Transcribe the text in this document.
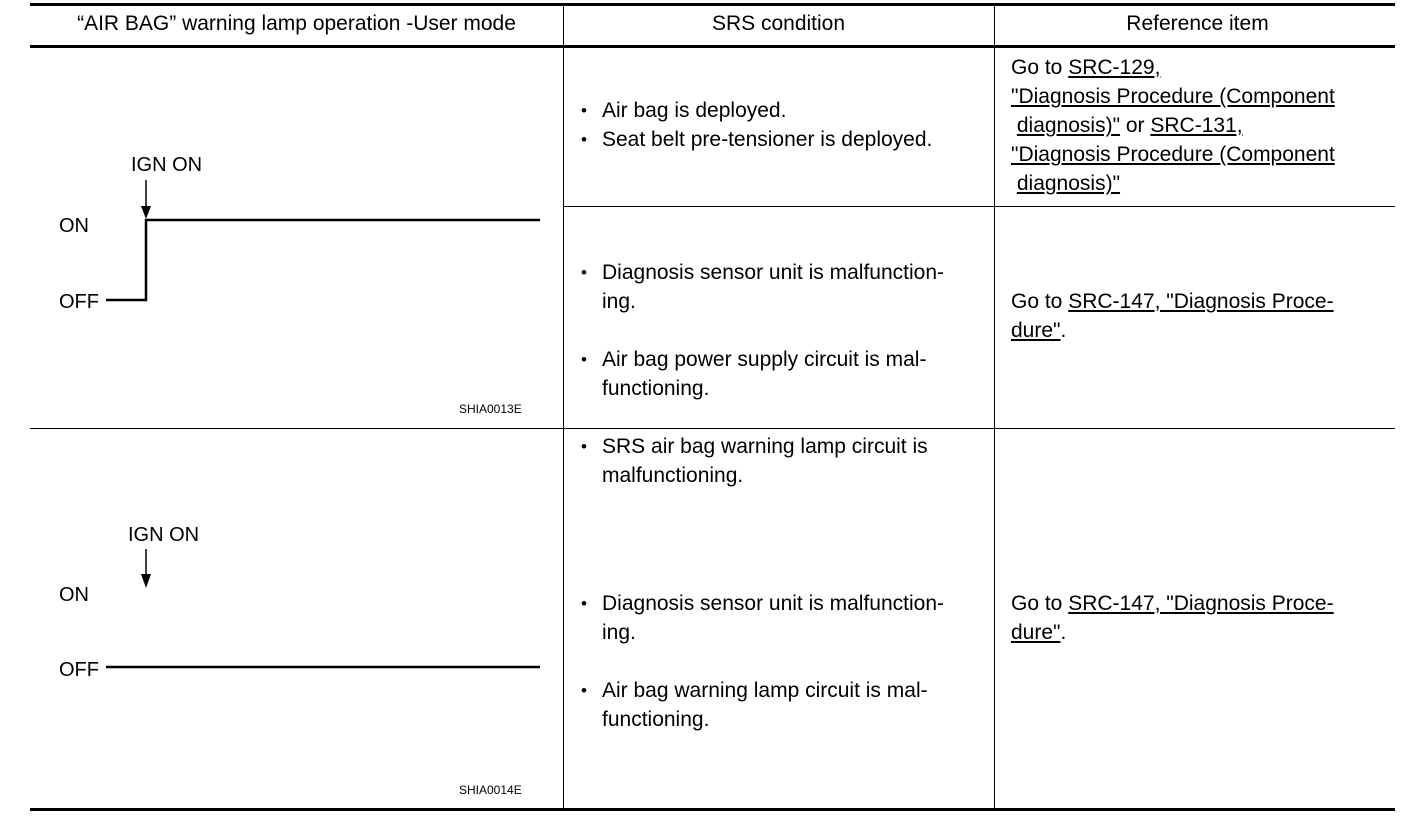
“AIR BAG” warning lamp operation -User mode	SRS condition	Reference item
IGN ON
ON
OFF
SHIA0013E
• Air bag is deployed.
• Seat belt pre-tensioner is deployed.
Go to SRC-129,
"Diagnosis Procedure (Component
diagnosis)" or SRC-131,
"Diagnosis Procedure (Component
diagnosis)"

• Diagnosis sensor unit is malfunction-
ing.

• Air bag power supply circuit is mal-
functioning.

• SRS air bag warning lamp circuit is
malfunctioning.

Go to SRC-147, "Diagnosis Proce-
dure".
IGN ON
ON
OFF
SHIA0014E

• Diagnosis sensor unit is malfunction-
ing.

• Air bag warning lamp circuit is mal-
functioning.

Go to SRC-147, "Diagnosis Proce-
dure".
